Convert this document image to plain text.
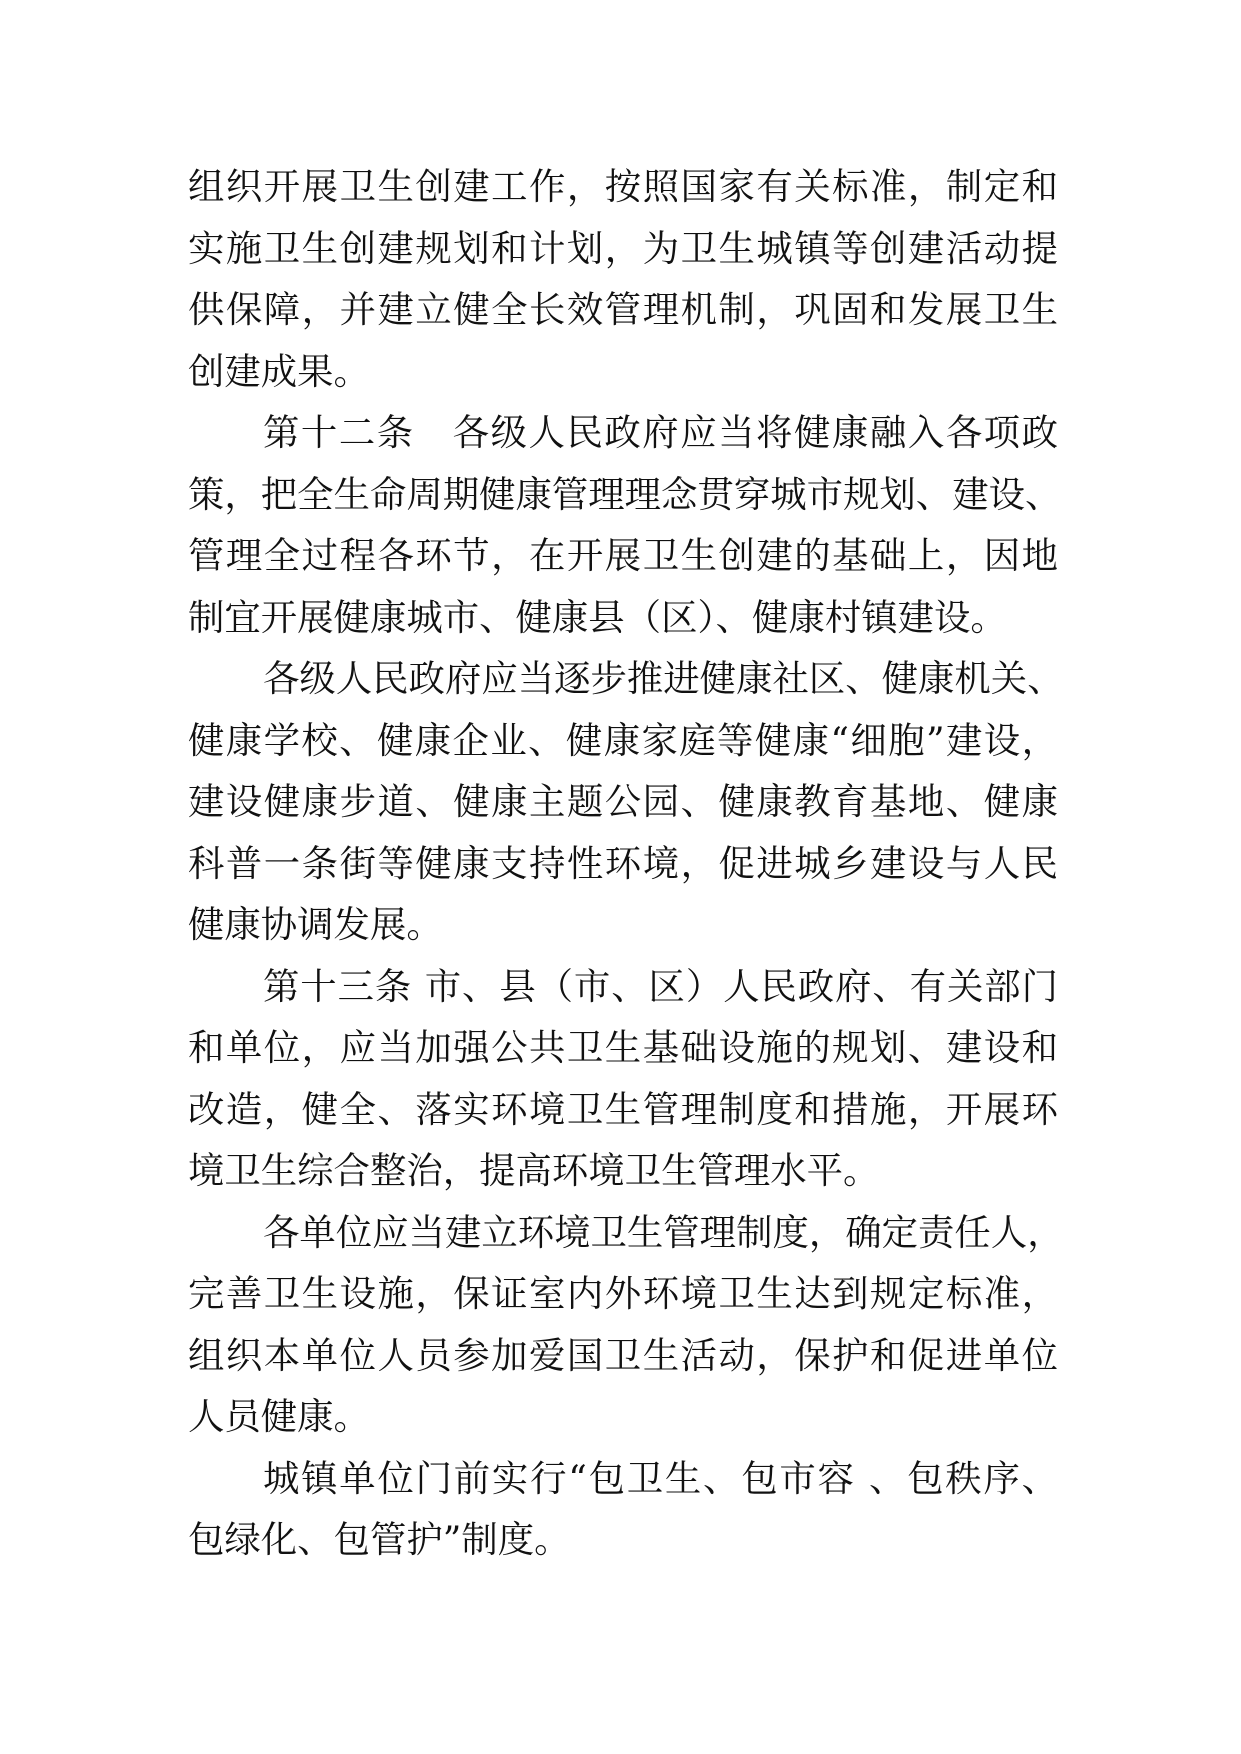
组织开展卫生创建工作，按照国家有关标准，制定和
实施卫生创建规划和计划，为卫生城镇等创建活动提
供保障，并建立健全长效管理机制，巩固和发展卫生
创建成果。
第十二条　各级人民政府应当将健康融入各项政
策，把全生命周期健康管理理念贯穿城市规划、建设、
管理全过程各环节，在开展卫生创建的基础上，因地
制宜开展健康城市、健康县（区）、健康村镇建设。
各级人民政府应当逐步推进健康社区、健康机关、
健康学校、健康企业、健康家庭等健康“细胞”建设，
建设健康步道、健康主题公园、健康教育基地、健康
科普一条街等健康支持性环境，促进城乡建设与人民
健康协调发展。
第十三条 市、县（市、区）人民政府、有关部门
和单位，应当加强公共卫生基础设施的规划、建设和
改造，健全、落实环境卫生管理制度和措施，开展环
境卫生综合整治，提高环境卫生管理水平。
各单位应当建立环境卫生管理制度，确定责任人，
完善卫生设施，保证室内外环境卫生达到规定标准，
组织本单位人员参加爱国卫生活动，保护和促进单位
人员健康。
城镇单位门前实行“包卫生、包市容 、包秩序、
包绿化、包管护”制度。
